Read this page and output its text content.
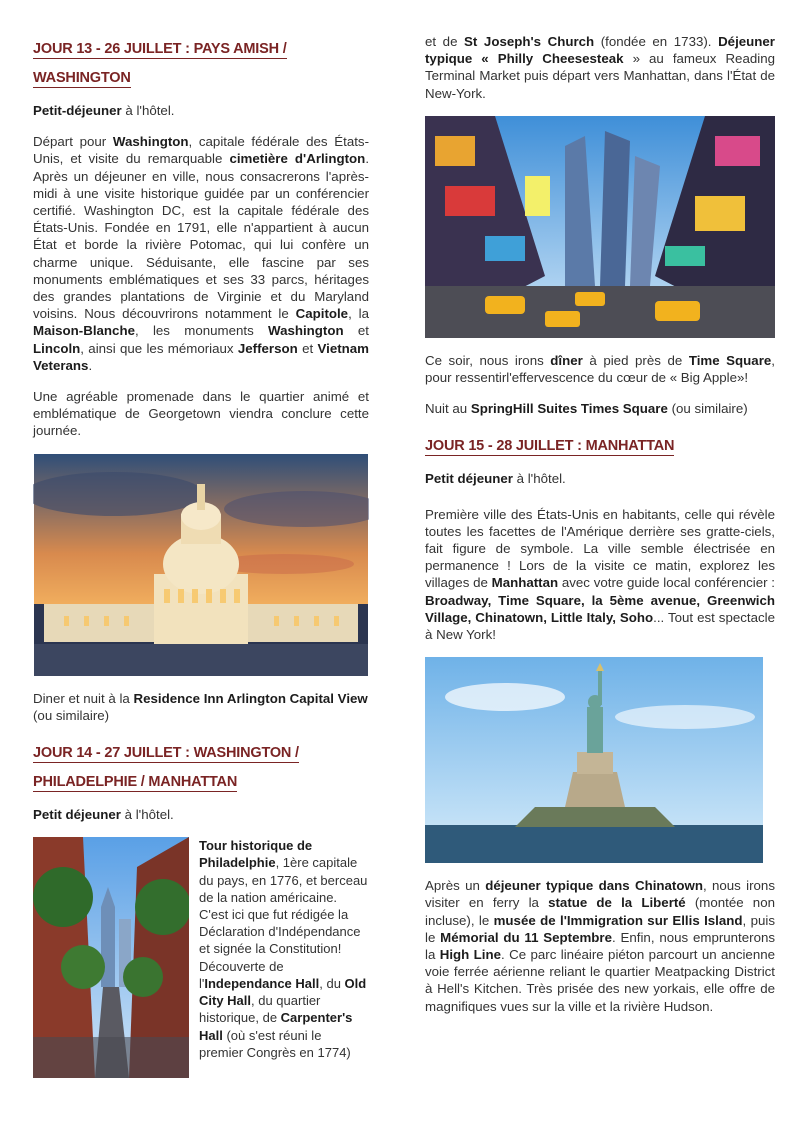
JOUR 13 - 26 JUILLET : PAYS AMISH / WASHINGTON

Petit-déjeuner à l'hôtel.

Départ pour Washington, capitale fédérale des États-Unis, et visite du remarquable cimetière d'Arlington. Après un déjeuner en ville, nous consacrerons l'après-midi à une visite historique guidée par un conférencier certifié. Washington DC, est la capitale fédérale des États-Unis. Fondée en 1791, elle n'appartient à aucun État et borde la rivière Potomac, qui lui confère un charme unique. Séduisante, elle fascine par ses monuments emblématiques et ses 33 parcs, héritages des grandes plantations de Virginie et du Maryland voisins. Nous découvrirons notamment le Capitole, la Maison-Blanche, les monuments Washington et Lincoln, ainsi que les mémoriaux Jefferson et Vietnam Veterans.

Une agréable promenade dans le quartier animé et emblématique de Georgetown viendra conclure cette journée.

Diner et nuit à la Residence Inn Arlington Capital View (ou similaire)

JOUR 14 - 27 JUILLET : WASHINGTON / PHILADELPHIE / MANHATTAN

Petit déjeuner à l'hôtel.

Tour historique de Philadelphie, 1ère capitale du pays, en 1776, et berceau de la nation américaine. C'est ici que fut rédigée la Déclaration d'Indépendance et signée la Constitution! Découverte de l'Independance Hall, du Old City Hall, du quartier historique, de Carpenter's Hall (où s'est réuni le premier Congrès en 1774)

et de St Joseph's Church (fondée en 1733). Déjeuner typique « Philly Cheesesteak » au fameux Reading Terminal Market puis départ vers Manhattan, dans l'État de New-York.

Ce soir, nous irons dîner à pied près de Time Square, pour ressentirl'effervescence du cœur de « Big Apple»!

Nuit au SpringHill Suites Times Square (ou similaire)

JOUR 15 - 28 JUILLET : MANHATTAN

Petit déjeuner à l'hôtel.

Première ville des États-Unis en habitants, celle qui révèle toutes les facettes de l'Amérique derrière ses gratte-ciels, fait figure de symbole. La ville semble électrisée en permanence ! Lors de la visite ce matin, explorez les villages de Manhattan avec votre guide local conférencier : Broadway, Time Square, la 5ème avenue, Greenwich Village, Chinatown, Little Italy, Soho... Tout est spectacle à New York!

Après un déjeuner typique dans Chinatown, nous irons visiter en ferry la statue de la Liberté (montée non incluse), le musée de l'Immigration sur Ellis Island, puis le Mémorial du 11 Septembre. Enfin, nous emprunterons la High Line. Ce parc linéaire piéton parcourt un ancienne voie ferrée aérienne reliant le quartier Meatpacking District à Hell's Kitchen. Très prisée des new yorkais, elle offre de magnifiques vues sur la ville et la rivière Hudson.
